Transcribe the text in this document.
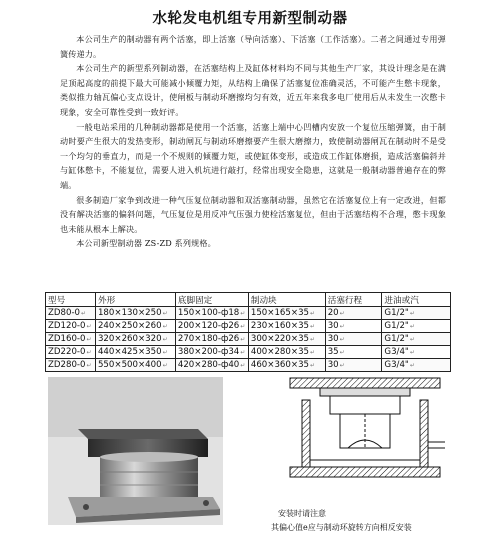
水轮发电机组专用新型制动器

本公司生产的制动器有两个活塞，即上活塞（导向活塞）、下活塞（工作活塞）。二者之间通过专用弹簧传递力。

本公司生产的新型系列制动器，在活塞结构上及缸体材料均不同与其他生产厂家，其设计理念是在满足顶起高度的前提下最大可能减小倾覆力矩，从结构上确保了活塞复位准确灵活，不可能产生憋卡现象，类似推力轴瓦偏心支点设计，使闸板与制动环磨擦均匀有效，近五年来我多电厂使用后从未发生一次憋卡现象，安全可靠性受到一致好评。

一般电站采用的几种制动器都是使用一个活塞，活塞上端中心凹槽内安放一个复位压缩弹簧，由于制动时要产生很大的发热变形，制动闸瓦与制动环磨擦要产生很大磨擦力，致使制动器闸瓦在制动时不是受一个均匀的垂直力，而是一个不规则的倾覆力矩，或使缸体变形，或造成工作缸体磨损，造成活塞偏斜并与缸体憋卡，不能复位，需要人进入机坑进行敲打，经常出现安全隐患，这就是一般制动器普遍存在的弊端。

很多制造厂家争到改进一种气压复位制动器和双活塞制动器，虽然它在活塞复位上有一定改进，但都没有解决活塞的偏斜问题，气压复位是用反冲气压强力使栓活塞复位，但由于活塞结构不合理，憋卡现象也未能从根本上解决。

本公司新型制动器 ZS-ZD 系列规格。

型号	外形	底脚固定	制动块	活塞行程	进油或汽
ZD80-0↵	180×130×250↵	150×100-ф18↵	150×165×35↵	20↵	G1/2"↵
ZD120-0↵	240×250×260↵	200×120-ф26↵	230×160×35↵	30↵	G1/2"↵
ZD160-0↵	320×260×320↵	270×180-ф26↵	300×220×35↵	30↵	G1/2"↵
ZD220-0↵	440×425×350↵	380×200-ф34↵	400×280×35↵	35↵	G3/4"↵
ZD280-0↵	550×500×400↵	420×280-ф40↵	460×360×35↵	30↵	G3/4"↵
安装时请注意
其偏心值e应与制动环旋转方向相反安装
